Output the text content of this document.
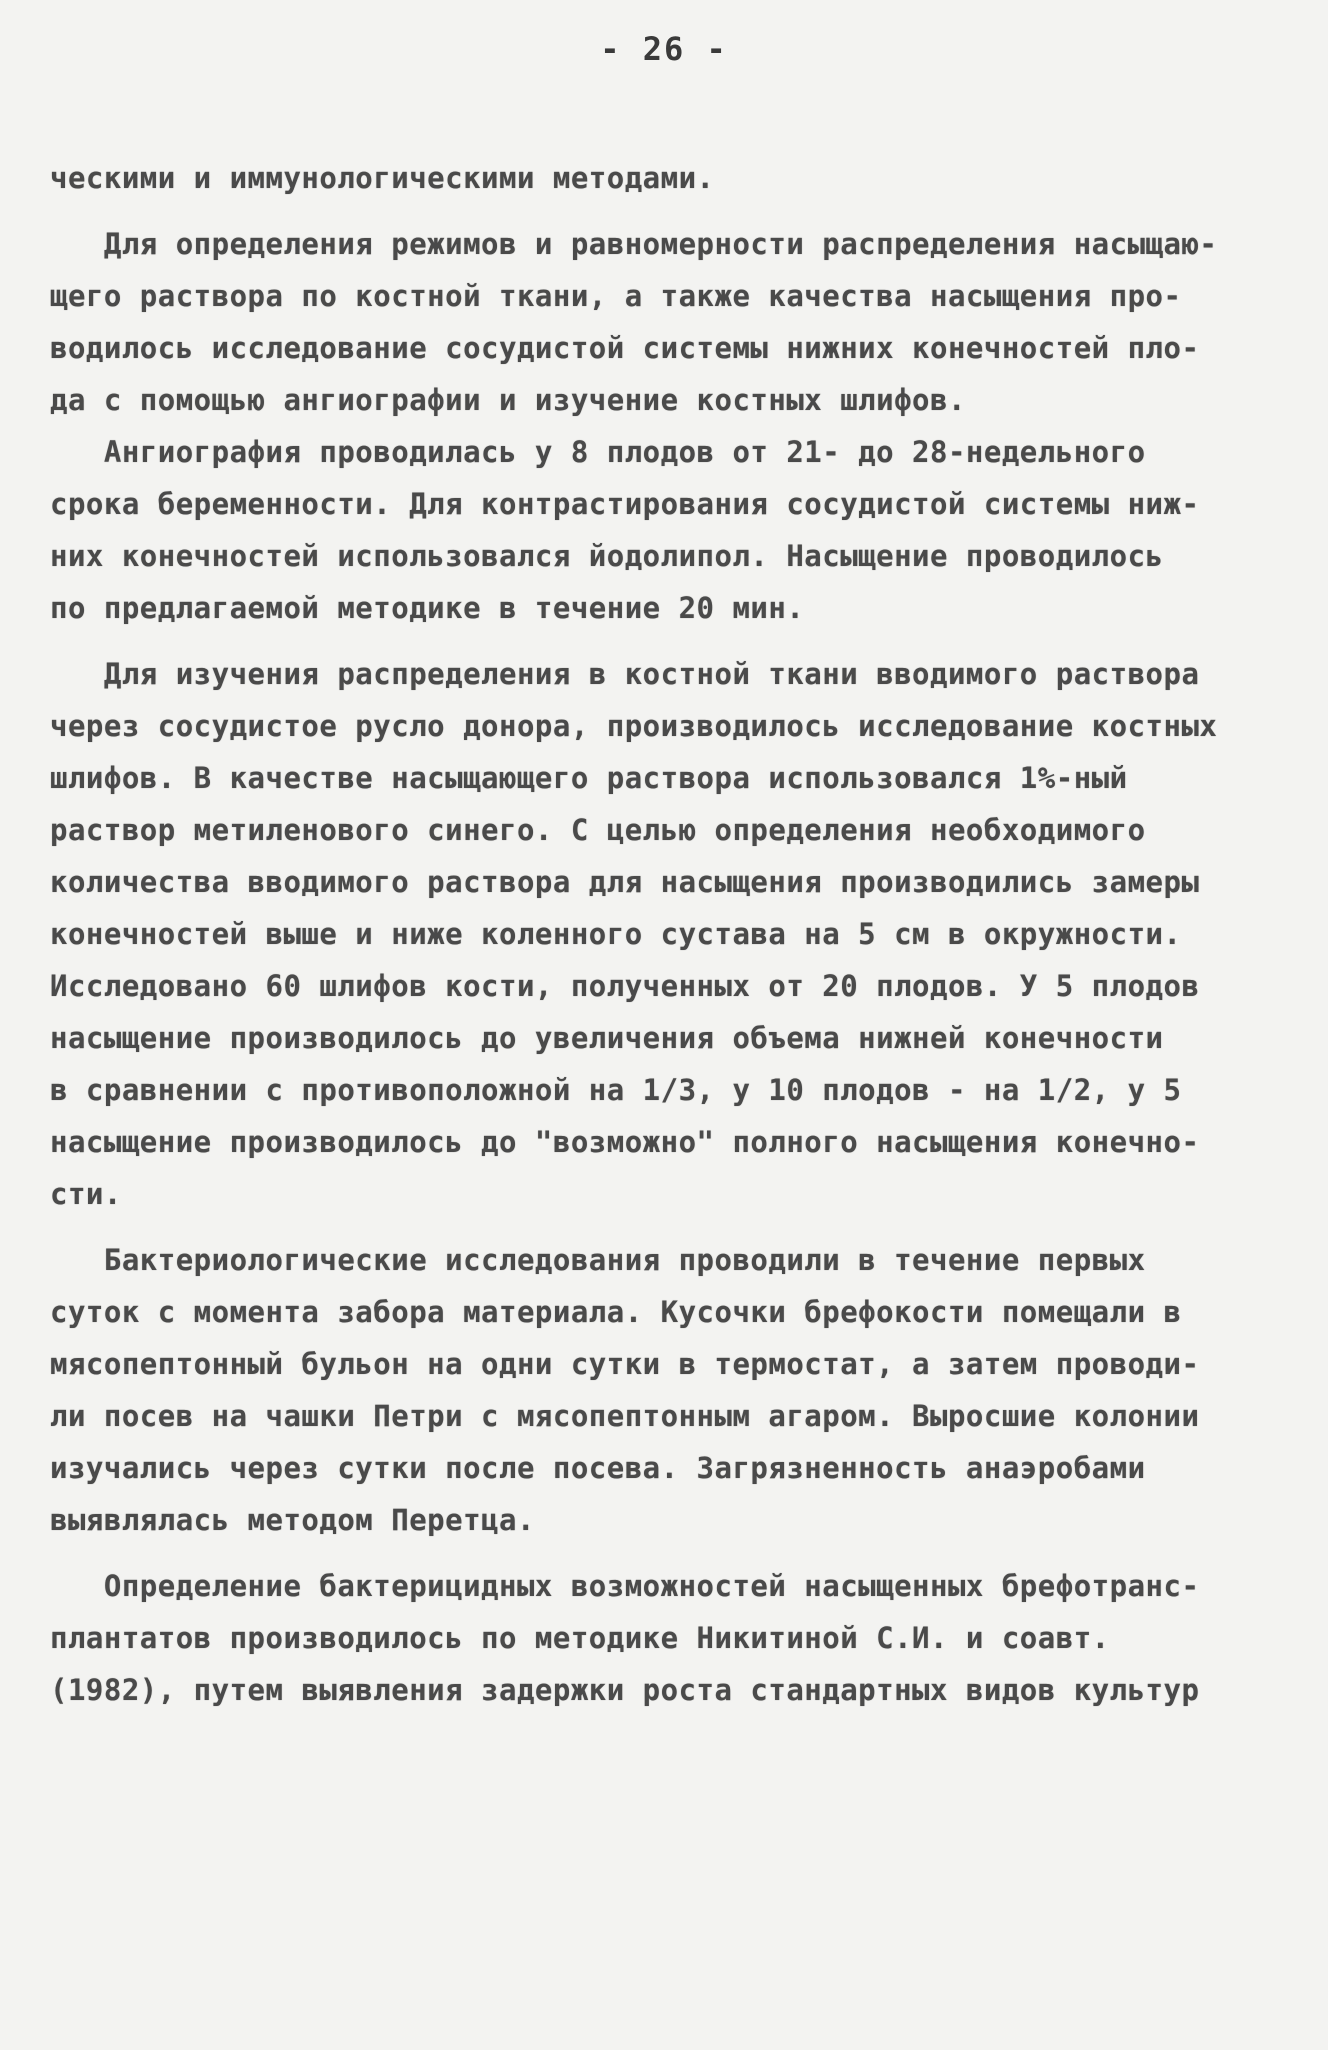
- 26 -
ческими и иммунологическими методами.
Для определения режимов и равномерности распределения насыщаю-
щего раствора по костной ткани, а также качества насыщения про-
водилось исследование сосудистой системы нижних конечностей пло-
да с помощью ангиографии и изучение костных шлифов.
Ангиография проводилась у 8 плодов от 21- до 28-недельного
срока беременности. Для контрастирования сосудистой системы ниж-
них конечностей использовался йодолипол. Насыщение проводилось
по предлагаемой методике в течение 20 мин.
Для изучения распределения в костной ткани вводимого раствора
через сосудистое русло донора, производилось исследование костных
шлифов. В качестве насыщающего раствора использовался 1%-ный
раствор метиленового синего. С целью определения необходимого
количества вводимого раствора для насыщения производились замеры
конечностей выше и ниже коленного сустава на 5 см в окружности.
Исследовано 60 шлифов кости, полученных от 20 плодов. У 5 плодов
насыщение производилось до увеличения объема нижней конечности
в сравнении с противоположной на 1/3, у 10 плодов - на 1/2, у 5
насыщение производилось до "возможно" полного насыщения конечно-
сти.
Бактериологические исследования проводили в течение первых
суток с момента забора материала. Кусочки брефокости помещали в
мясопептонный бульон на одни сутки в термостат, а затем проводи-
ли посев на чашки Петри с мясопептонным агаром. Выросшие колонии
изучались через сутки после посева. Загрязненность анаэробами
выявлялась методом Перетца.
Определение бактерицидных возможностей насыщенных брефотранс-
плантатов производилось по методике Никитиной С.И. и соавт.
(1982), путем выявления задержки роста стандартных видов культур
